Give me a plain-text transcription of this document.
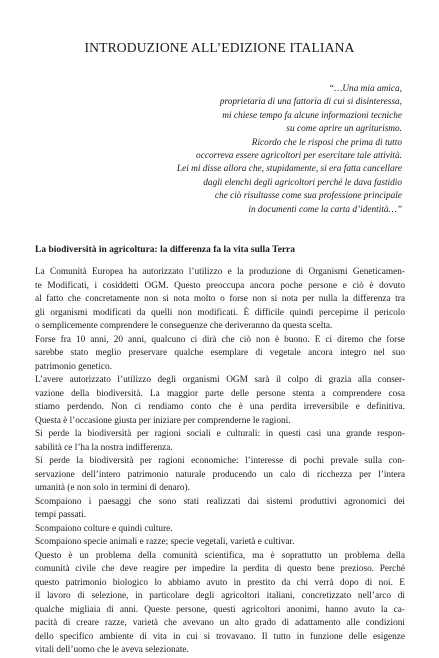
INTRODUZIONE ALL’EDIZIONE ITALIANA
“…Una mia amica,
proprietaria di una fattoria di cui si disinteressa,
mi chiese tempo fa alcune informazioni tecniche
su come aprire un agriturismo.
Ricordo che le risposi che prima di tutto
occorreva essere agricoltori per esercitare tale attività.
Lei mi disse allora che, stupidamente, si era fatta cancellare
dagli elenchi degli agricoltori perché le dava fastidio
che ciò risultasse come sua professione principale
in documenti come la carta d’identità…”
La biodiversità in agricoltura: la differenza fa la vita sulla Terra
La Comunità Europea ha autorizzato l’utilizzo e la produzione di Organismi Geneticamen-
te Modificati, i cosiddetti OGM. Questo preoccupa ancora poche persone e ciò è dovuto
al fatto che concretamente non si nota molto o forse non si nota per nulla la differenza tra
gli organismi modificati da quelli non modificati. È difficile quindi percepirne il pericolo
o semplicemente comprendere le conseguenze che deriveranno da questa scelta.
Forse fra 10 anni, 20 anni, qualcuno ci dirà che ciò non è buono. E ci diremo che forse
sarebbe stato meglio preservare qualche esemplare di vegetale ancora integro nel suo
patrimonio genetico.
L’avere autorizzato l’utilizzo degli organismi OGM sarà il colpo di grazia alla conser-
vazione della biodiversità. La maggior parte delle persone stenta a comprendere cosa
stiamo perdendo. Non ci rendiamo conto che è una perdita irreversibile e definitiva.
Questa è l’occasione giusta per iniziare per comprenderne le ragioni.
Si perde la biodiversità per ragioni sociali e culturali: in questi casi una grande respon-
sabilità ce l’ha la nostra indifferenza.
Si perde la biodiversità per ragioni economiche: l’interesse di pochi prevale sulla con-
servazione dell’intero patrimonio naturale producendo un calo di ricchezza per l’intera
umanità (e non solo in termini di denaro).
Scompaiono i paesaggi che sono stati realizzati dai sistemi produttivi agronomici dei
tempi passati.
Scompaiono colture e quindi culture.
Scompaiono specie animali e razze; specie vegetali, varietà e cultivar.
Questo è un problema della comunità scientifica, ma è soprattutto un problema della
comunità civile che deve reagire per impedire la perdita di questo bene prezioso. Perché
questo patrimonio biologico lo abbiamo avuto in prestito da chi verrà dopo di noi. E
il lavoro di selezione, in particolare degli agricoltori italiani, concretizzato nell’arco di
qualche migliaia di anni. Queste persone, questi agricoltori anonimi, hanno avuto la ca-
pacità di creare razze, varietà che avevano un alto grado di adattamento alle condizioni
dello specifico ambiente di vita in cui si trovavano. Il tutto in funzione delle esigenze
vitali dell’uomo che le aveva selezionate.
